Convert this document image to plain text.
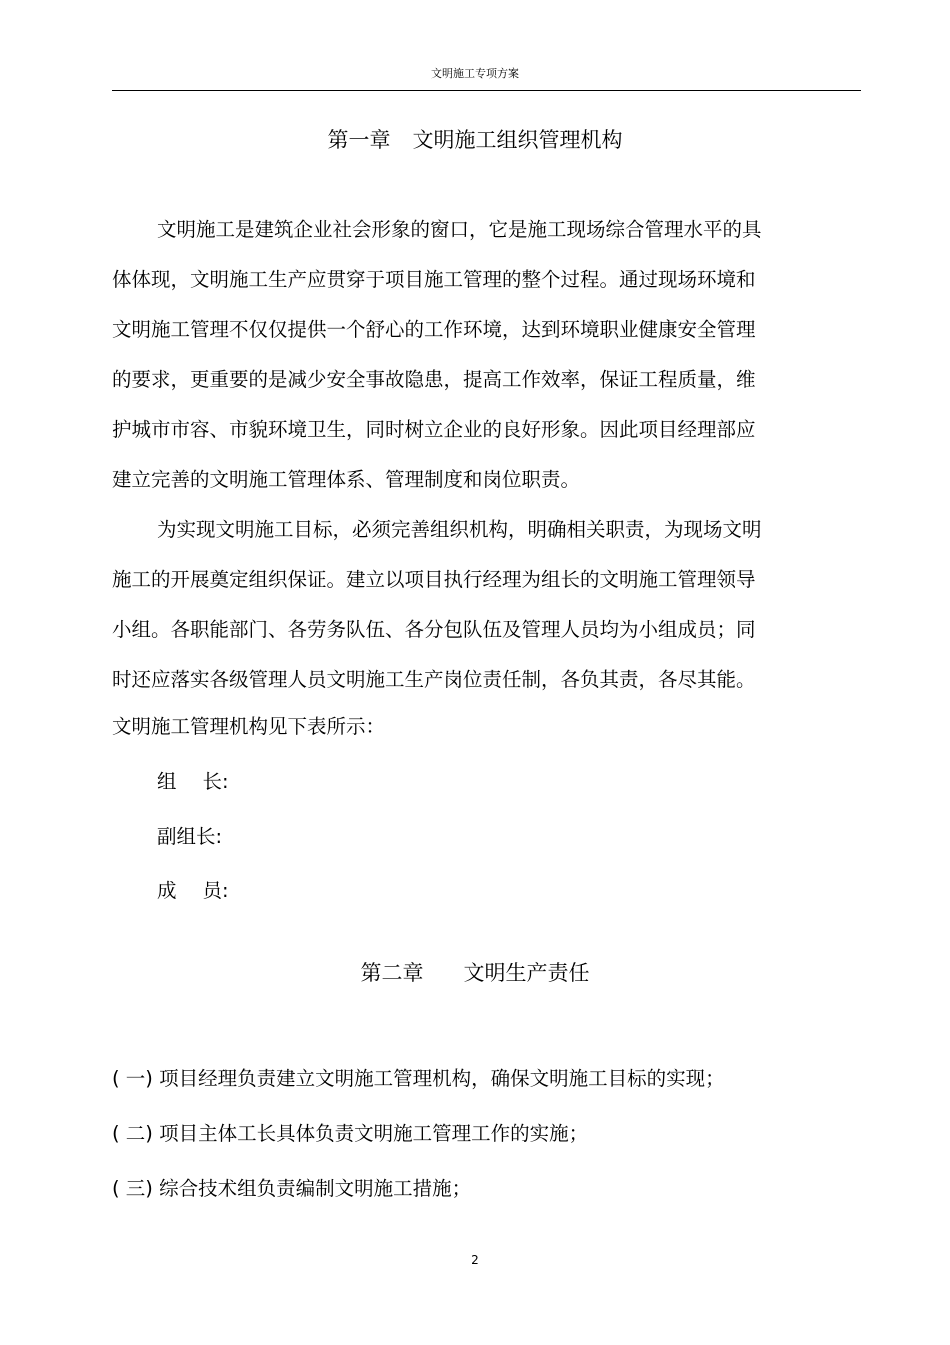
文明施工专项方案
第一章 文明施工组织管理机构
文明施工是建筑企业社会形象的窗口，它是施工现场综合管理水平的具
体体现，文明施工生产应贯穿于项目施工管理的整个过程。通过现场环境和
文明施工管理不仅仅提供一个舒心的工作环境，达到环境职业健康安全管理
的要求，更重要的是减少安全事故隐患，提高工作效率，保证工程质量，维
护城市市容、市貌环境卫生，同时树立企业的良好形象。因此项目经理部应
建立完善的文明施工管理体系、管理制度和岗位职责。
为实现文明施工目标，必须完善组织机构，明确相关职责，为现场文明
施工的开展奠定组织保证。建立以项目执行经理为组长的文明施工管理领导
小组。各职能部门、各劳务队伍、各分包队伍及管理人员均为小组成员；同
时还应落实各级管理人员文明施工生产岗位责任制，各负其责，各尽其能。
文明施工管理机构见下表所示：
组 长:
副组长:
成 员:
第二章 文明生产责任
( 一) 项目经理负责建立文明施工管理机构，确保文明施工目标的实现；
( 二) 项目主体工长具体负责文明施工管理工作的实施；
( 三) 综合技术组负责编制文明施工措施；
2
